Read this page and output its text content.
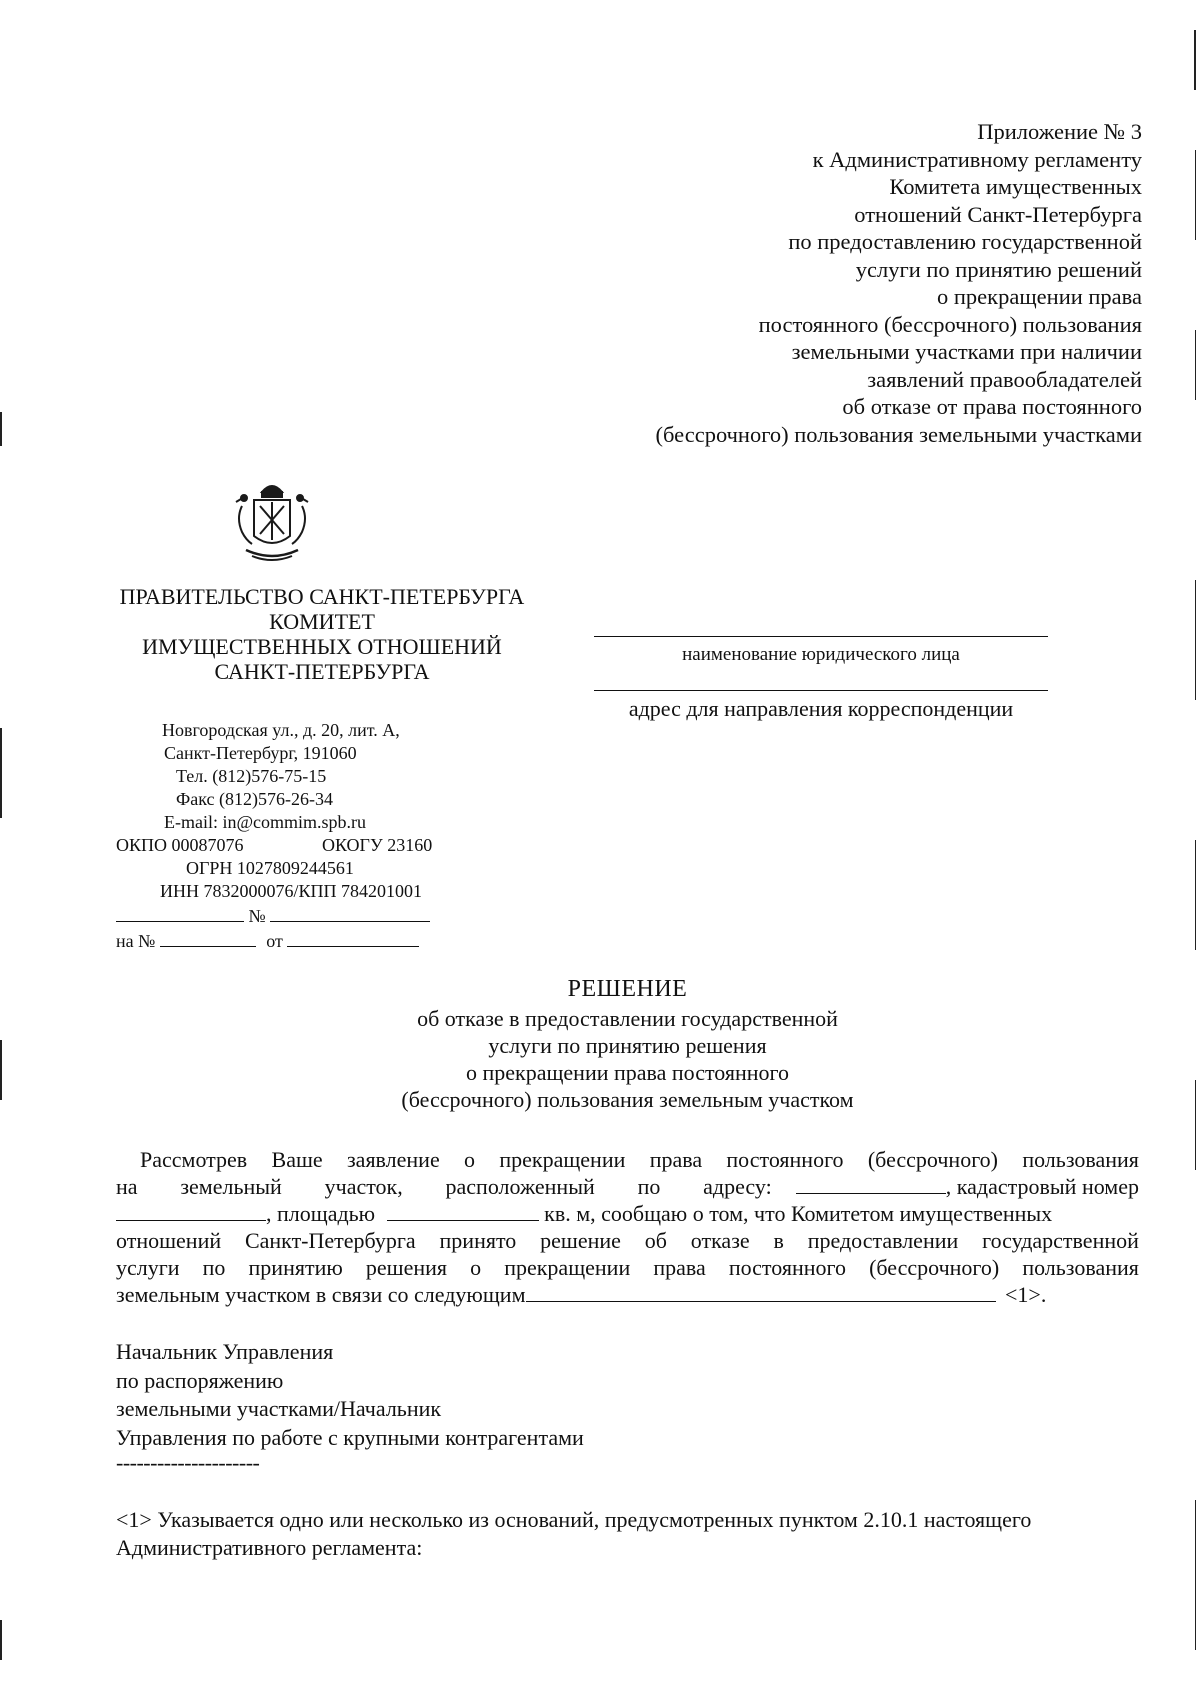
Приложение № 3
к Административному регламенту
Комитета имущественных
отношений Санкт-Петербурга
по предоставлению государственной
услуги по принятию решений
о прекращении права
постоянного (бессрочного) пользования
земельными участками при наличии
заявлений правообладателей
об отказе от права постоянного
(бессрочного) пользования земельными участками
ПРАВИТЕЛЬСТВО САНКТ-ПЕТЕРБУРГА
КОМИТЕТ
ИМУЩЕСТВЕННЫХ ОТНОШЕНИЙ
САНКТ-ПЕТЕРБУРГА
Новгородская ул., д. 20, лит. А,
Санкт-Петербург, 191060
Тел. (812)576-75-15
Факс (812)576-26-34
E-mail: in@commim.spb.ru
ОКПО 00087076	ОКОГУ 23160
ОГРН 1027809244561
ИНН 7832000076/КПП 784201001
№
на №	от
наименование юридического лица
адрес для направления корреспонденции
РЕШЕНИЕ
об отказе в предоставлении государственной
услуги по принятию решения
о прекращении права постоянного
(бессрочного) пользования земельным участком
Рассмотрев Ваше заявление о прекращении права постоянного (бессрочного) пользования
на земельный участок, расположенный по адресу:	, кадастровый номер
, площадью	кв. м, сообщаю о том, что Комитетом имущественных
отношений Санкт-Петербурга принято решение об отказе в предоставлении государственной
услуги по принятию решения о прекращении права постоянного (бессрочного) пользования
земельным участком в связи со следующим	<1>.
Начальник Управления
по распоряжению
земельными участками/Начальник
Управления по работе с крупными контрагентами
---------------------
<1> Указывается одно или несколько из оснований, предусмотренных пунктом 2.10.1 настоящего
Административного регламента:
